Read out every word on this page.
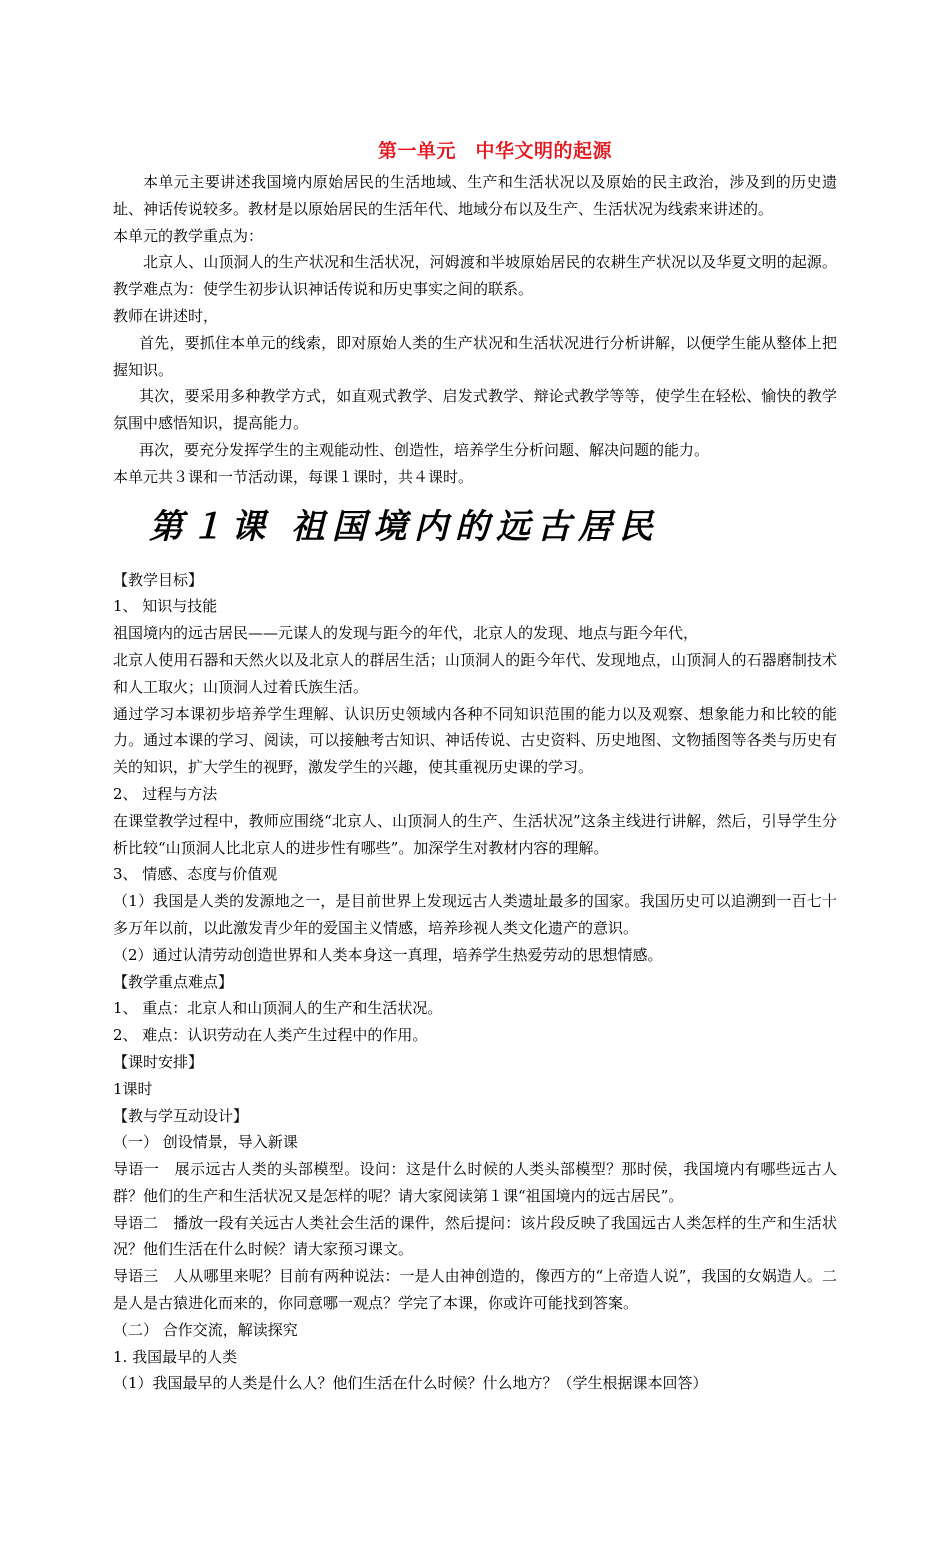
第一单元　中华文明的起源

本单元主要讲述我国境内原始居民的生活地域、生产和生活状况以及原始的民主政治，涉及到的历史遗址、神话传说较多。教材是以原始居民的生活年代、地域分布以及生产、生活状况为线索来讲述的。

本单元的教学重点为：

北京人、山顶洞人的生产状况和生活状况，河姆渡和半坡原始居民的农耕生产状况以及华夏文明的起源。教学难点为：使学生初步认识神话传说和历史事实之间的联系。

教师在讲述时，

首先，要抓住本单元的线索，即对原始人类的生产状况和生活状况进行分析讲解，以便学生能从整体上把握知识。

其次，要采用多种教学方式，如直观式教学、启发式教学、辩论式教学等等，使学生在轻松、愉快的教学氛围中感悟知识，提高能力。

再次，要充分发挥学生的主观能动性、创造性，培养学生分析问题、解决问题的能力。

本单元共３课和一节活动课，每课１课时，共４课时。

第１课 祖国境内的远古居民

【教学目标】

1、 知识与技能

祖国境内的远古居民——元谋人的发现与距今的年代，北京人的发现、地点与距今年代，

北京人使用石器和天然火以及北京人的群居生活；山顶洞人的距今年代、发现地点，山顶洞人的石器磨制技术和人工取火；山顶洞人过着氏族生活。

通过学习本课初步培养学生理解、认识历史领域内各种不同知识范围的能力以及观察、想象能力和比较的能力。通过本课的学习、阅读，可以接触考古知识、神话传说、古史资料、历史地图、文物插图等各类与历史有关的知识，扩大学生的视野，激发学生的兴趣，使其重视历史课的学习。

2、 过程与方法

在课堂教学过程中，教师应围绕“北京人、山顶洞人的生产、生活状况”这条主线进行讲解，然后，引导学生分析比较“山顶洞人比北京人的进步性有哪些”。加深学生对教材内容的理解。

3、 情感、态度与价值观

（1）我国是人类的发源地之一，是目前世界上发现远古人类遗址最多的国家。我国历史可以追溯到一百七十多万年以前，以此激发青少年的爱国主义情感，培养珍视人类文化遗产的意识。

（2）通过认清劳动创造世界和人类本身这一真理，培养学生热爱劳动的思想情感。

【教学重点难点】

1、 重点：北京人和山顶洞人的生产和生活状况。

2、 难点：认识劳动在人类产生过程中的作用。

【课时安排】

1课时

【教与学互动设计】

（一） 创设情景，导入新课

导语一　展示远古人类的头部模型。设问：这是什么时候的人类头部模型？那时侯，我国境内有哪些远古人群？他们的生产和生活状况又是怎样的呢？请大家阅读第１课“祖国境内的远古居民”。

导语二　播放一段有关远古人类社会生活的课件，然后提问：该片段反映了我国远古人类怎样的生产和生活状况？他们生活在什么时候？请大家预习课文。

导语三　人从哪里来呢？目前有两种说法：一是人由神创造的，像西方的“上帝造人说”，我国的女娲造人。二是人是古猿进化而来的，你同意哪一观点？学完了本课，你或许可能找到答案。

（二） 合作交流，解读探究

1. 我国最早的人类

（1）我国最早的人类是什么人？他们生活在什么时候？什么地方？（学生根据课本回答）
